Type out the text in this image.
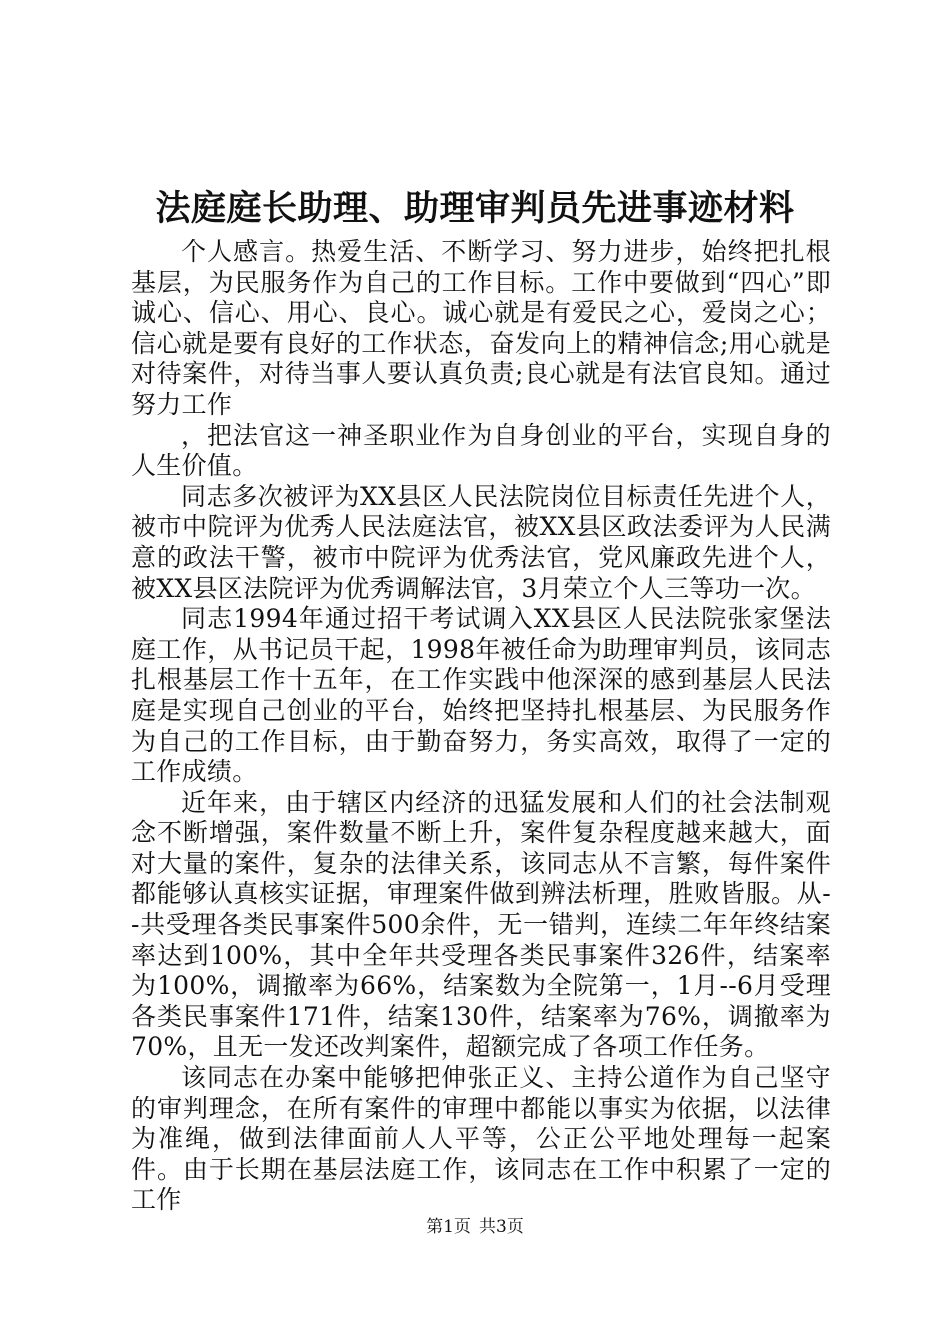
法庭庭长助理、助理审判员先进事迹材料

个人感言。热爱生活、不断学习、努力进步，始终把扎根基层，为民服务作为自己的工作目标。工作中要做到“四心”即诚心、信心、用心、良心。诚心就是有爱民之心，爱岗之心；信心就是要有良好的工作状态，奋发向上的精神信念;用心就是对待案件，对待当事人要认真负责;良心就是有法官良知。通过努力工作

，把法官这一神圣职业作为自身创业的平台，实现自身的人生价值。

同志多次被评为XX县区人民法院岗位目标责任先进个人，被市中院评为优秀人民法庭法官，被XX县区政法委评为人民满意的政法干警，被市中院评为优秀法官，党风廉政先进个人，被XX县区法院评为优秀调解法官，3月荣立个人三等功一次。

同志1994年通过招干考试调入XX县区人民法院张家堡法庭工作，从书记员干起，1998年被任命为助理审判员，该同志扎根基层工作十五年，在工作实践中他深深的感到基层人民法庭是实现自己创业的平台，始终把坚持扎根基层、为民服务作为自己的工作目标，由于勤奋努力，务实高效，取得了一定的工作成绩。

近年来，由于辖区内经济的迅猛发展和人们的社会法制观念不断增强，案件数量不断上升，案件复杂程度越来越大，面对大量的案件，复杂的法律关系，该同志从不言繁，每件案件都能够认真核实证据，审理案件做到辨法析理，胜败皆服。从--共受理各类民事案件500余件，无一错判，连续二年年终结案率达到100%，其中全年共受理各类民事案件326件，结案率为100%，调撤率为66%，结案数为全院第一，1月--6月受理各类民事案件171件，结案130件，结案率为76%，调撤率为70%，且无一发还改判案件，超额完成了各项工作任务。

该同志在办案中能够把伸张正义、主持公道作为自己坚守的审判理念，在所有案件的审理中都能以事实为依据，以法律为准绳，做到法律面前人人平等，公正公平地处理每一起案件。由于长期在基层法庭工作，该同志在工作中积累了一定的工作

第1页 共3页
